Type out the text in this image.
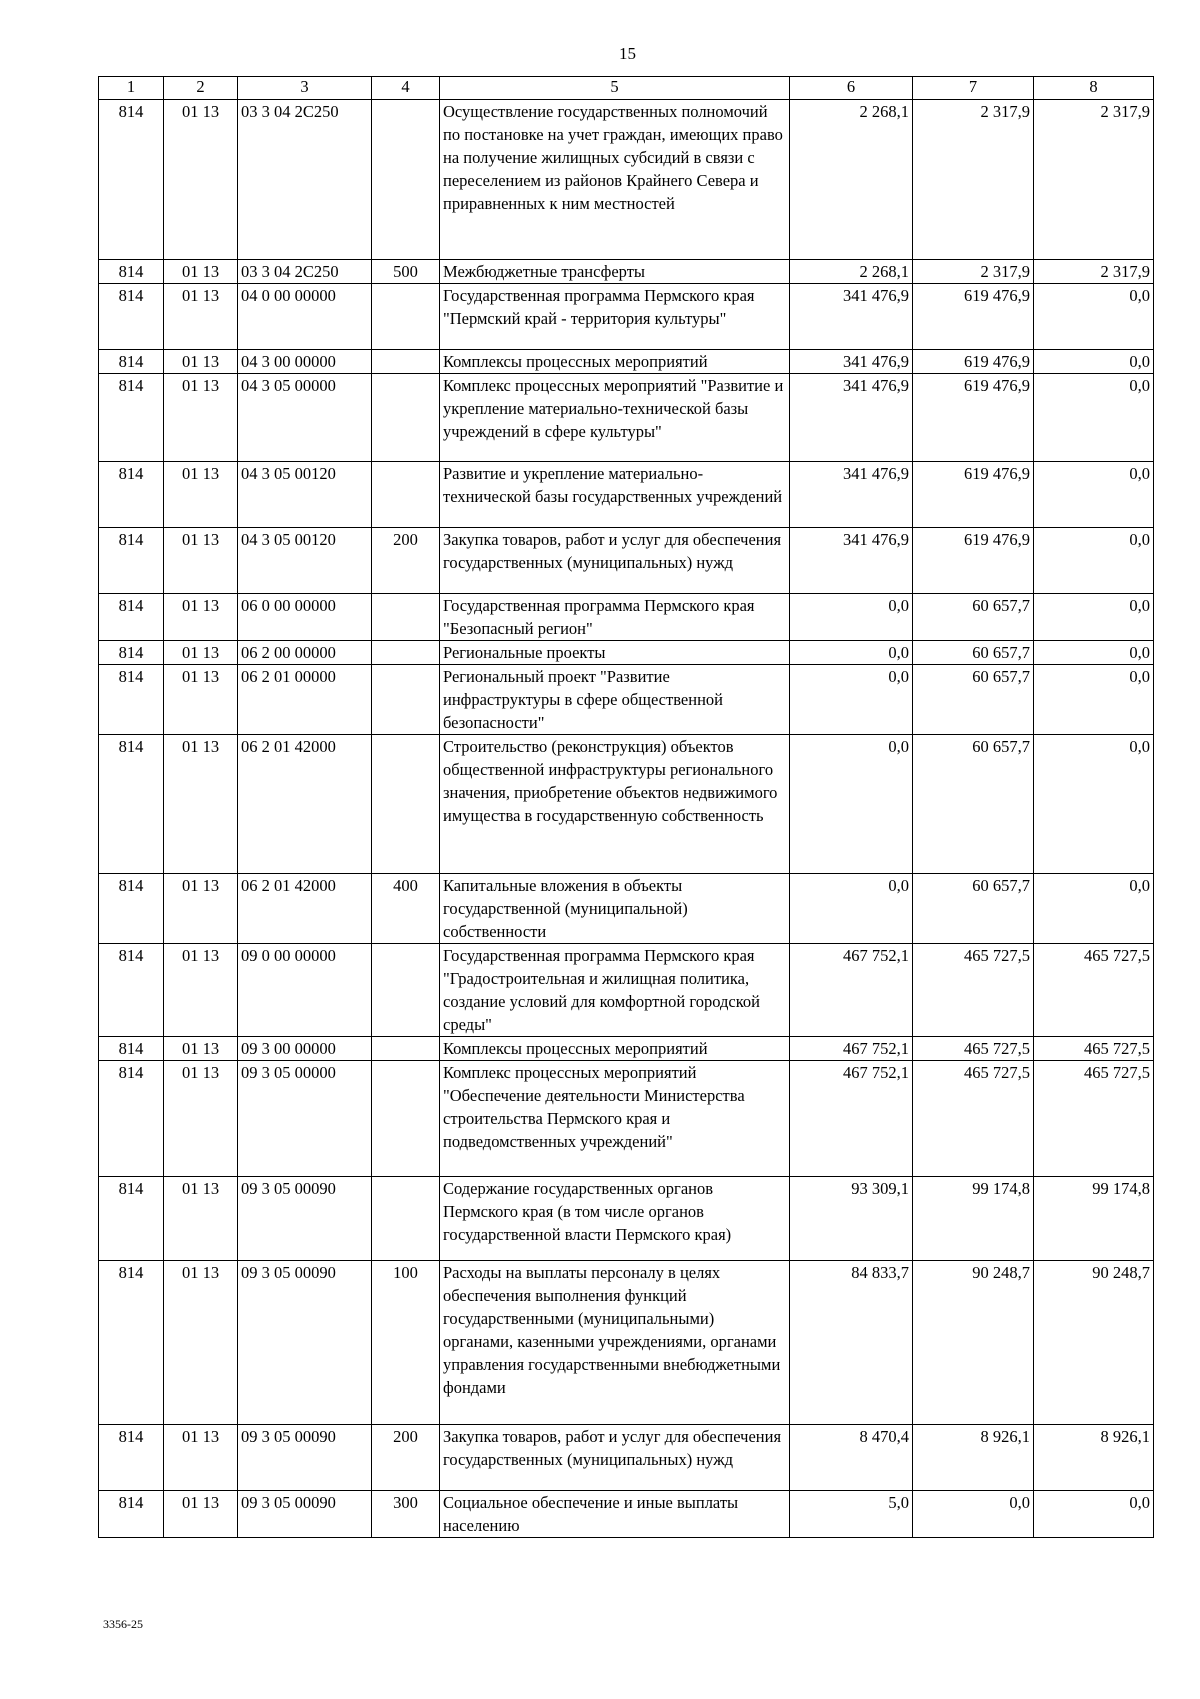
15
1	2	3	4	5	6	7	8
814	01 13	03 3 04 2С250		Осуществление государственных полномочий по постановке на учет граждан, имеющих право на получение жилищных субсидий в связи с переселением из районов Крайнего Севера и приравненных к ним местностей	2 268,1	2 317,9	2 317,9
814	01 13	03 3 04 2С250	500	Межбюджетные трансферты	2 268,1	2 317,9	2 317,9
814	01 13	04 0 00 00000		Государственная программа Пермского края "Пермский край - территория культуры"	341 476,9	619 476,9	0,0
814	01 13	04 3 00 00000		Комплексы процессных мероприятий	341 476,9	619 476,9	0,0
814	01 13	04 3 05 00000		Комплекс процессных мероприятий "Развитие и укрепление материально-технической базы учреждений в сфере культуры"	341 476,9	619 476,9	0,0
814	01 13	04 3 05 00120		Развитие и укрепление материально-технической базы государственных учреждений	341 476,9	619 476,9	0,0
814	01 13	04 3 05 00120	200	Закупка товаров, работ и услуг для обеспечения государственных (муниципальных) нужд	341 476,9	619 476,9	0,0
814	01 13	06 0 00 00000		Государственная программа Пермского края "Безопасный регион"	0,0	60 657,7	0,0
814	01 13	06 2 00 00000		Региональные проекты	0,0	60 657,7	0,0
814	01 13	06 2 01 00000		Региональный проект "Развитие инфраструктуры в сфере общественной безопасности"	0,0	60 657,7	0,0
814	01 13	06 2 01 42000		Строительство (реконструкция) объектов общественной инфраструктуры регионального значения, приобретение объектов недвижимого имущества в государственную собственность	0,0	60 657,7	0,0
814	01 13	06 2 01 42000	400	Капитальные вложения в объекты государственной (муниципальной) собственности	0,0	60 657,7	0,0
814	01 13	09 0 00 00000		Государственная программа Пермского края "Градостроительная и жилищная политика, создание условий для комфортной городской среды"	467 752,1	465 727,5	465 727,5
814	01 13	09 3 00 00000		Комплексы процессных мероприятий	467 752,1	465 727,5	465 727,5
814	01 13	09 3 05 00000		Комплекс процессных мероприятий "Обеспечение деятельности Министерства строительства Пермского края и подведомственных учреждений"	467 752,1	465 727,5	465 727,5
814	01 13	09 3 05 00090		Содержание государственных органов Пермского края (в том числе органов государственной власти Пермского края)	93 309,1	99 174,8	99 174,8
814	01 13	09 3 05 00090	100	Расходы на выплаты персоналу в целях обеспечения выполнения функций государственными (муниципальными) органами, казенными учреждениями, органами управления государственными внебюджетными фондами	84 833,7	90 248,7	90 248,7
814	01 13	09 3 05 00090	200	Закупка товаров, работ и услуг для обеспечения государственных (муниципальных) нужд	8 470,4	8 926,1	8 926,1
814	01 13	09 3 05 00090	300	Социальное обеспечение и иные выплаты населению	5,0	0,0	0,0
3356-25
